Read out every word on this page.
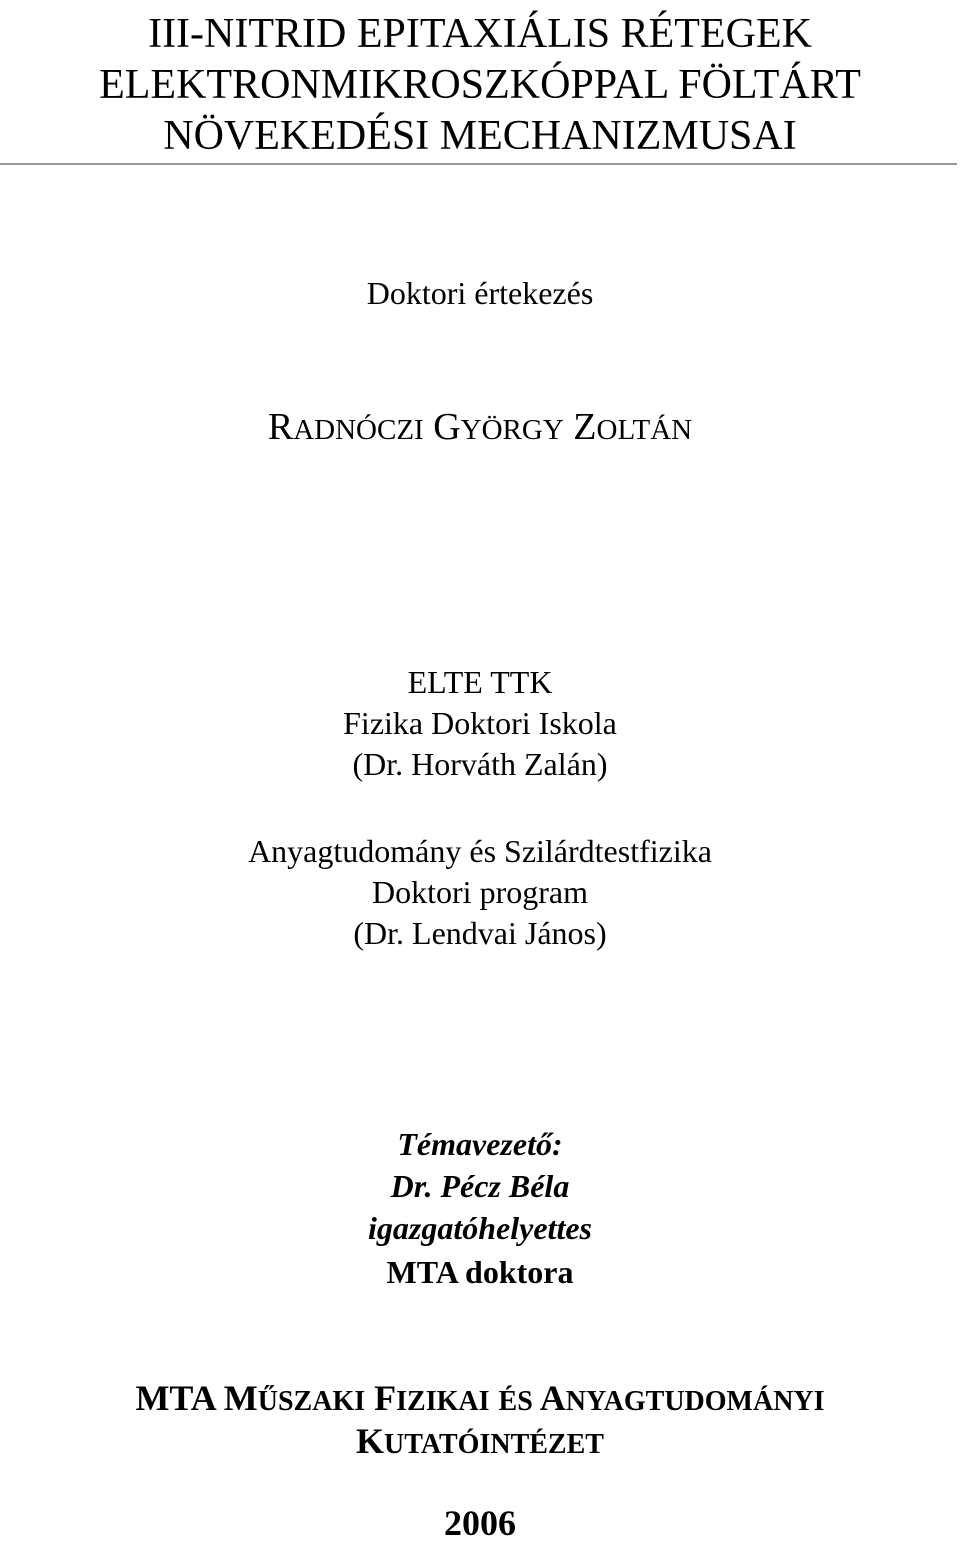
III-NITRID EPITAXIÁLIS RÉTEGEK
ELEKTRONMIKROSZKÓPPAL FÖLTÁRT
NÖVEKEDÉSI MECHANIZMUSAI
Doktori értekezés
RADNÓCZI GYÖRGY ZOLTÁN
ELTE TTK
Fizika Doktori Iskola
(Dr. Horváth Zalán)
Anyagtudomány és Szilárdtestfizika
Doktori program
(Dr. Lendvai János)
Témavezető:
Dr. Pécz Béla
igazgatóhelyettes
MTA doktora
MTA MŰSZAKI FIZIKAI ÉS ANYAGTUDOMÁNYI
KUTATÓINTÉZET
2006
